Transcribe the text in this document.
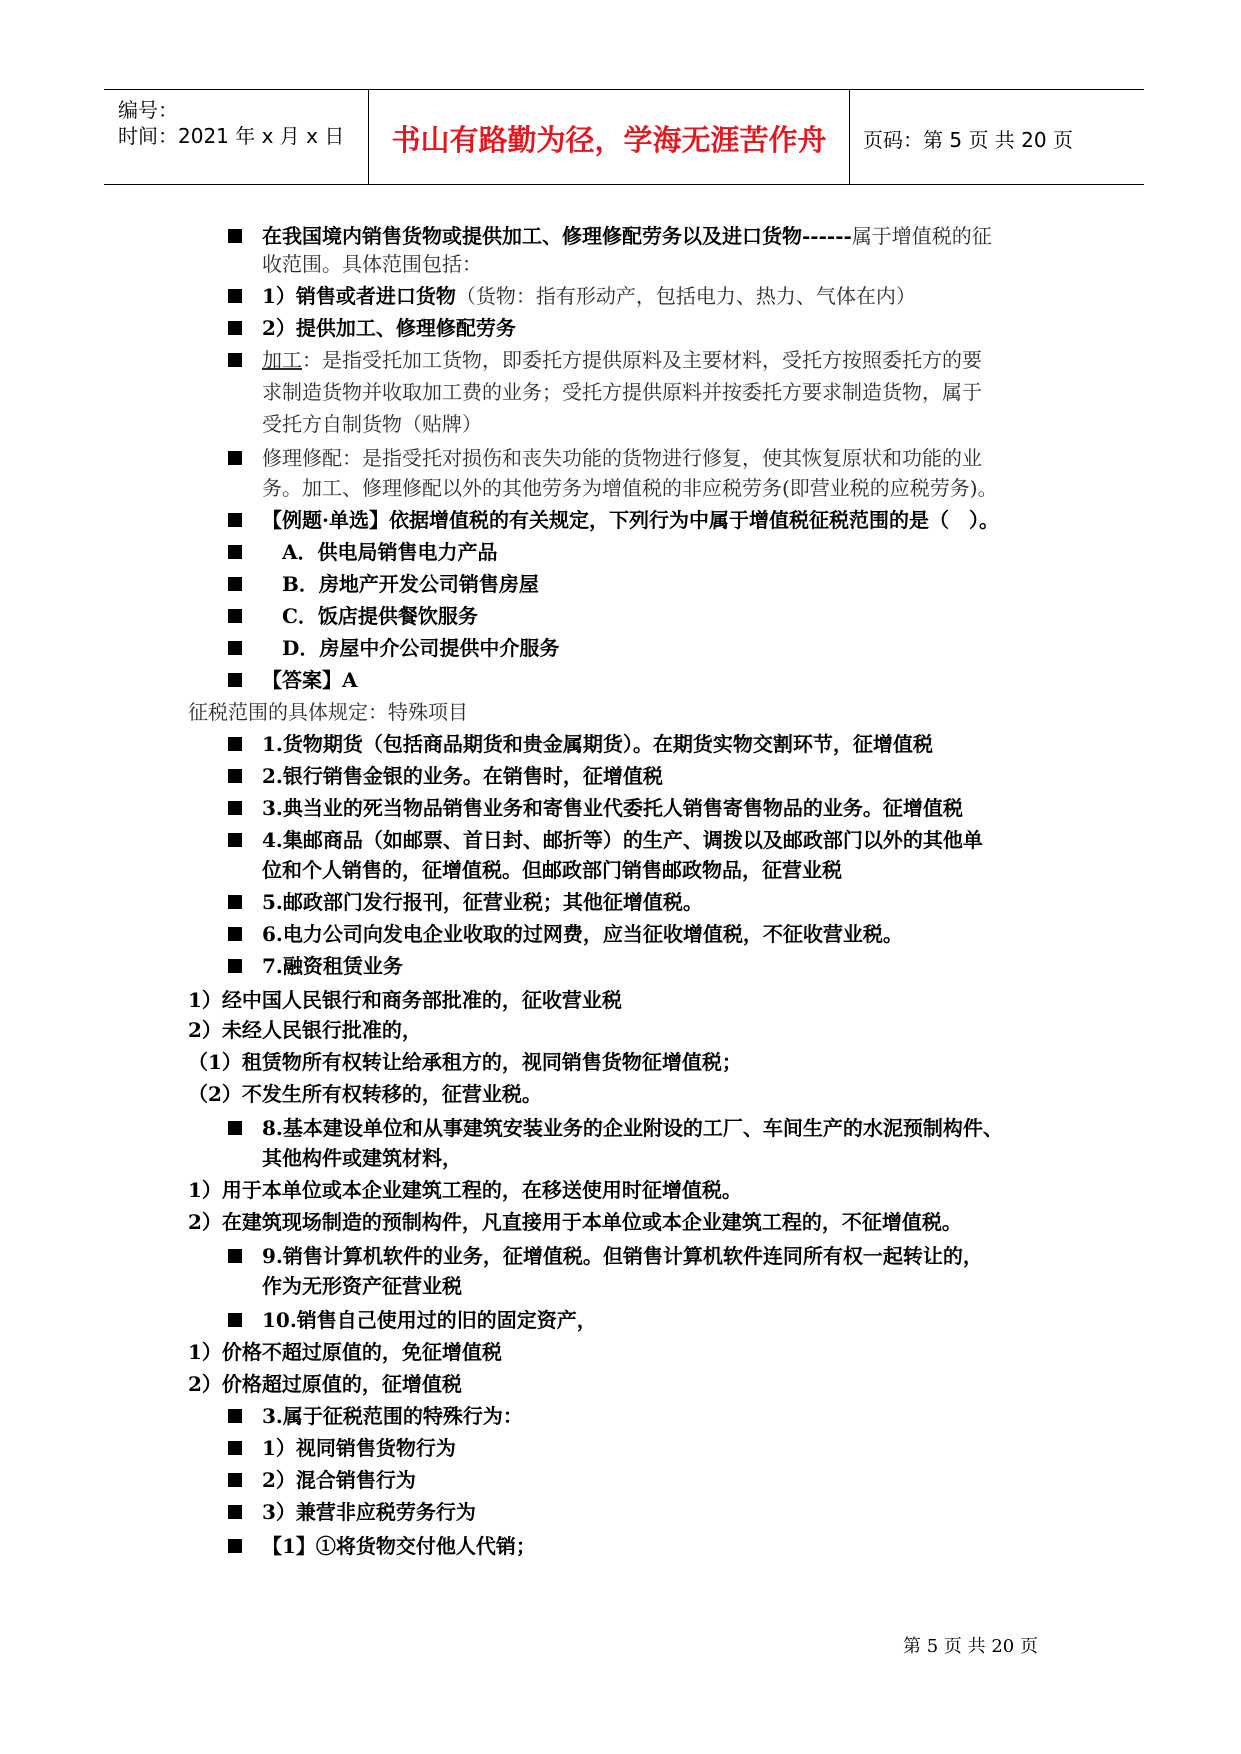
编号：
时间：2021 年 x 月 x 日	书山有路勤为径，学海无涯苦作舟	页码：第 5 页 共 20 页
在我国境内销售货物或提供加工、修理修配劳务以及进口货物------属于增值税的征
收范围。具体范围包括：
1）销售或者进口货物（货物：指有形动产，包括电力、热力、气体在内）
2）提供加工、修理修配劳务
加工：是指受托加工货物，即委托方提供原料及主要材料，受托方按照委托方的要
求制造货物并收取加工费的业务；受托方提供原料并按委托方要求制造货物，属于
受托方自制货物（贴牌）
修理修配：是指受托对损伤和丧失功能的货物进行修复，使其恢复原状和功能的业
务。加工、修理修配以外的其他劳务为增值税的非应税劳务(即营业税的应税劳务)。
【例题·单选】依据增值税的有关规定，下列行为中属于增值税征税范围的是（　）。
　A．供电局销售电力产品
　B．房地产开发公司销售房屋
　C．饭店提供餐饮服务
　D．房屋中介公司提供中介服务
【答案】A
征税范围的具体规定：特殊项目
1.货物期货（包括商品期货和贵金属期货）。在期货实物交割环节，征增值税
2.银行销售金银的业务。在销售时，征增值税
3.典当业的死当物品销售业务和寄售业代委托人销售寄售物品的业务。征增值税
4.集邮商品（如邮票、首日封、邮折等）的生产、调拨以及邮政部门以外的其他单
位和个人销售的，征增值税。但邮政部门销售邮政物品，征营业税
5.邮政部门发行报刊，征营业税；其他征增值税。
6.电力公司向发电企业收取的过网费，应当征收增值税，不征收营业税。
7.融资租赁业务
1）经中国人民银行和商务部批准的，征收营业税
2）未经人民银行批准的，
（1）租赁物所有权转让给承租方的，视同销售货物征增值税；
（2）不发生所有权转移的，征营业税。
8.基本建设单位和从事建筑安装业务的企业附设的工厂、车间生产的水泥预制构件、
其他构件或建筑材料，
1）用于本单位或本企业建筑工程的，在移送使用时征增值税。
2）在建筑现场制造的预制构件，凡直接用于本单位或本企业建筑工程的，不征增值税。
9.销售计算机软件的业务，征增值税。但销售计算机软件连同所有权一起转让的，
作为无形资产征营业税
10.销售自己使用过的旧的固定资产，
1）价格不超过原值的，免征增值税
2）价格超过原值的，征增值税
3.属于征税范围的特殊行为：
1）视同销售货物行为
2）混合销售行为
3）兼营非应税劳务行为
【1】①将货物交付他人代销；
第 5 页 共 20 页
